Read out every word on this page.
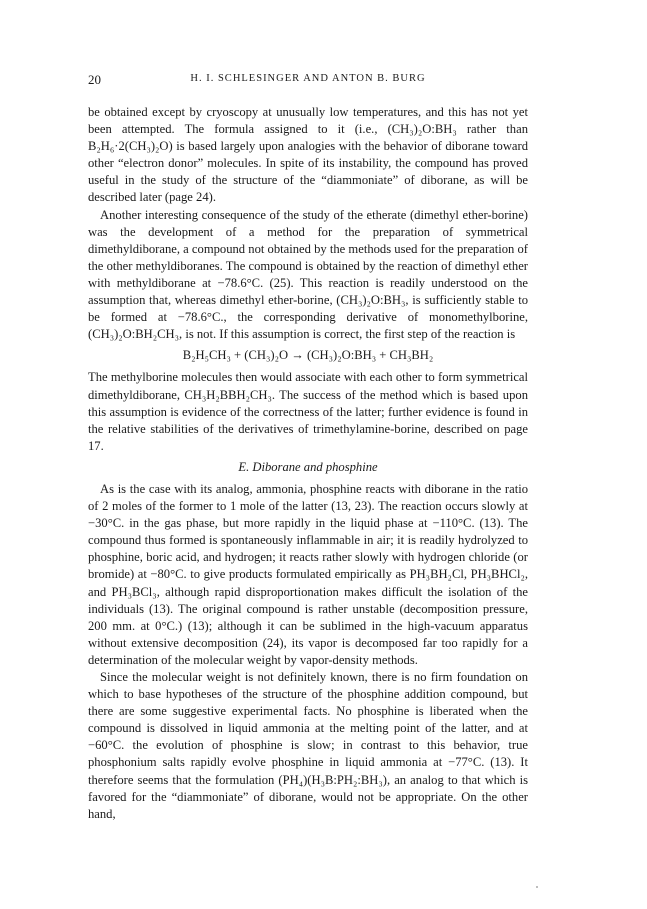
20	H. I. SCHLESINGER AND ANTON B. BURG

be obtained except by cryoscopy at unusually low temperatures, and this has not yet been attempted. The formula assigned to it (i.e., (CH₃)₂O:BH₃ rather than B₂H₆·2(CH₃)₂O) is based largely upon analogies with the behavior of diborane toward other “electron donor” molecules. In spite of its instability, the compound has proved useful in the study of the structure of the “diammoniate” of diborane, as will be described later (page 24).

Another interesting consequence of the study of the etherate (dimethyl ether-borine) was the development of a method for the preparation of symmetrical dimethyldiborane, a compound not obtained by the methods used for the preparation of the other methyldiboranes. The compound is obtained by the reaction of dimethyl ether with methyldiborane at −78.6°C. (25). This reaction is readily understood on the assumption that, whereas dimethyl ether-borine, (CH₃)₂O:BH₃, is sufficiently stable to be formed at −78.6°C., the corresponding derivative of monomethylborine, (CH₃)₂O:BH₂CH₃, is not. If this assumption is correct, the first step of the reaction is

B₂H₅CH₃ + (CH₃)₂O → (CH₃)₂O:BH₃ + CH₃BH₂

The methylborine molecules then would associate with each other to form symmetrical dimethyldiborane, CH₃H₂BBH₂CH₃. The success of the method which is based upon this assumption is evidence of the correctness of the latter; further evidence is found in the relative stabilities of the derivatives of trimethylamine-borine, described on page 17.

E. Diborane and phosphine

As is the case with its analog, ammonia, phosphine reacts with diborane in the ratio of 2 moles of the former to 1 mole of the latter (13, 23). The reaction occurs slowly at −30°C. in the gas phase, but more rapidly in the liquid phase at −110°C. (13). The compound thus formed is spontaneously inflammable in air; it is readily hydrolyzed to phosphine, boric acid, and hydrogen; it reacts rather slowly with hydrogen chloride (or bromide) at −80°C. to give products formulated empirically as PH₃BH₂Cl, PH₃BHCl₂, and PH₃BCl₃, although rapid disproportionation makes difficult the isolation of the individuals (13). The original compound is rather unstable (decomposition pressure, 200 mm. at 0°C.) (13); although it can be sublimed in the high-vacuum apparatus without extensive decomposition (24), its vapor is decomposed far too rapidly for a determination of the molecular weight by vapor-density methods.

Since the molecular weight is not definitely known, there is no firm foundation on which to base hypotheses of the structure of the phosphine addition compound, but there are some suggestive experimental facts. No phosphine is liberated when the compound is dissolved in liquid ammonia at the melting point of the latter, and at −60°C. the evolution of phosphine is slow; in contrast to this behavior, true phosphonium salts rapidly evolve phosphine in liquid ammonia at −77°C. (13). It therefore seems that the formulation (PH₄)(H₃B:PH₂:BH₃), an analog to that which is favored for the “diammoniate” of diborane, would not be appropriate. On the other hand,
